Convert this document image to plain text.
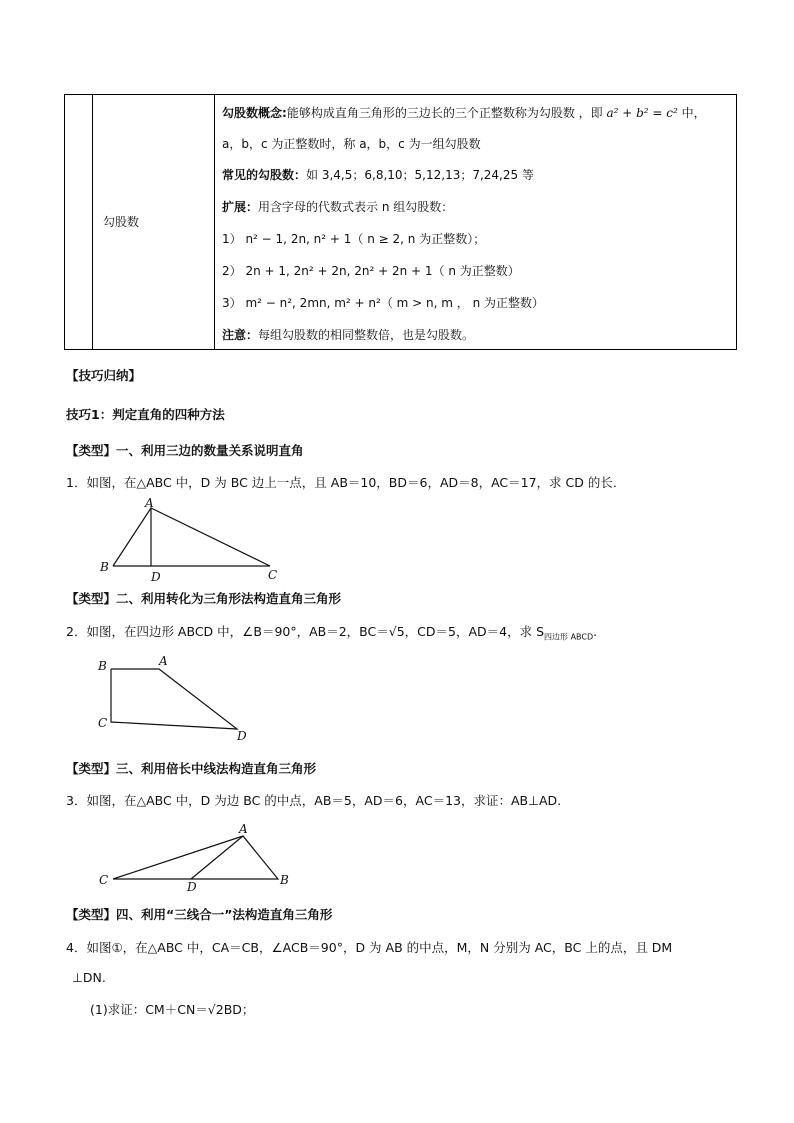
勾股数
勾股数概念:能够构成直角三角形的三边长的三个正整数称为勾股数 ，即 a² + b² = c² 中，
a，b，c 为正整数时，称 a，b，c 为一组勾股数
常见的勾股数：如 3,4,5；6,8,10；5,12,13；7,24,25 等
扩展：用含字母的代数式表示 n 组勾股数：
1） n² − 1, 2n, n² + 1（ n ≥ 2, n 为正整数）；
2） 2n + 1, 2n² + 2n, 2n² + 2n + 1（ n 为正整数）
3） m² − n², 2mn, m² + n²（ m > n, m ， n 为正整数）
注意：每组勾股数的相同整数倍，也是勾股数。
【技巧归纳】
技巧1：判定直角的四种方法
【类型】一、利用三边的数量关系说明直角
1．如图，在△ABC 中，D 为 BC 边上一点，且 AB＝10，BD＝6，AD＝8，AC＝17，求 CD 的长．
A
B
D	C
【类型】二、利用转化为三角形法构造直角三角形
2．如图，在四边形 ABCD 中，∠B＝90°，AB＝2，BC＝√5，CD＝5，AD＝4，求 $S_{四边形 ABCD}$.
B	A
C
D
【类型】三、利用倍长中线法构造直角三角形
3．如图，在△ABC 中，D 为边 BC 的中点，AB＝5，AD＝6，AC＝13，求证：AB⊥AD.
A
C	D	B
【类型】四、利用“三线合一”法构造直角三角形
4．如图①，在△ABC 中，CA＝CB，∠ACB＝90°，D 为 AB 的中点，M，N 分别为 AC，BC 上的点，且 DM
⊥DN.
(1)求证：CM＋CN＝√2BD；
